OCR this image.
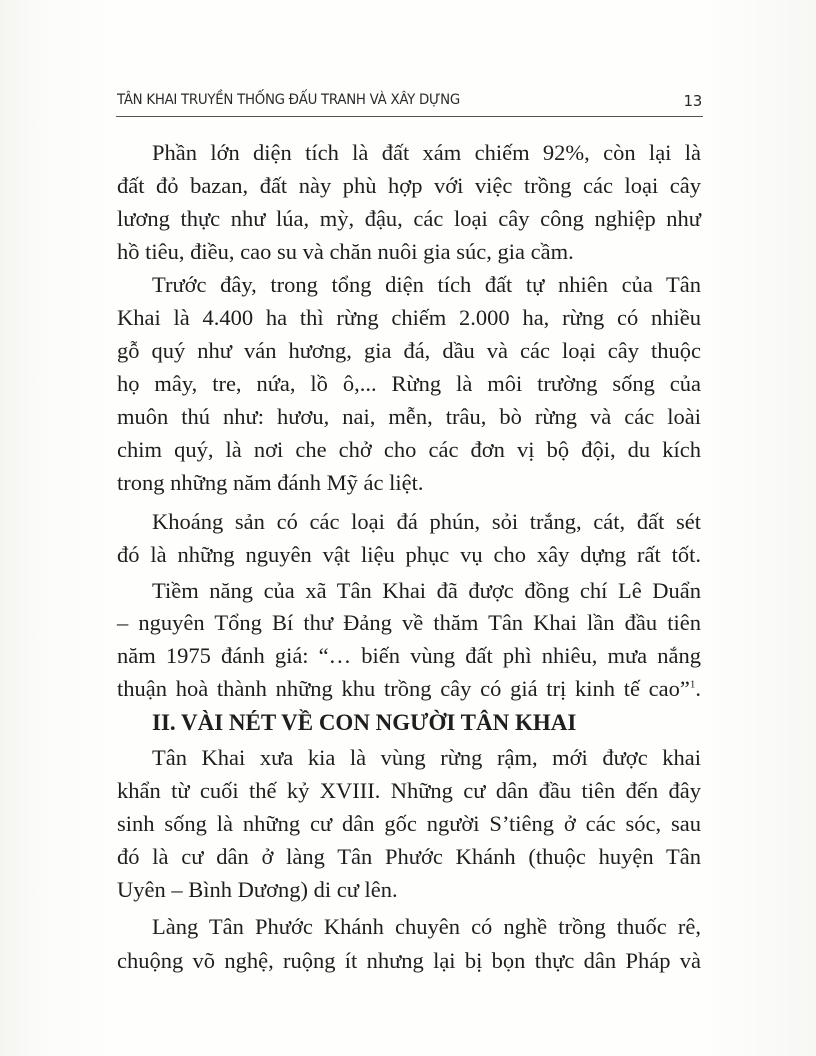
TÂN KHAI TRUYỀN THỐNG ĐẤU TRANH VÀ XÂY DỰNG	13
Phần lớn diện tích là đất xám chiếm 92%, còn lại là
đất đỏ bazan, đất này phù hợp với việc trồng các loại cây
lương thực như lúa, mỳ, đậu, các loại cây công nghiệp như
hồ tiêu, điều, cao su và chăn nuôi gia súc, gia cầm.
Trước đây, trong tổng diện tích đất tự nhiên của Tân
Khai là 4.400 ha thì rừng chiếm 2.000 ha, rừng có nhiều
gỗ quý như ván hương, gia đá, dầu và các loại cây thuộc
họ mây, tre, nứa, lồ ô,... Rừng là môi trường sống của
muôn thú như: hươu, nai, mễn, trâu, bò rừng và các loài
chim quý, là nơi che chở cho các đơn vị bộ đội, du kích
trong những năm đánh Mỹ ác liệt.
Khoáng sản có các loại đá phún, sỏi trắng, cát, đất sét
đó là những nguyên vật liệu phục vụ cho xây dựng rất tốt.
Tiềm năng của xã Tân Khai đã được đồng chí Lê Duẩn
– nguyên Tổng Bí thư Đảng về thăm Tân Khai lần đầu tiên
năm 1975 đánh giá: “… biến vùng đất phì nhiêu, mưa nắng
thuận hoà thành những khu trồng cây có giá trị kinh tế cao”$^1$.
II. VÀI NÉT VỀ CON NGƯỜI TÂN KHAI
Tân Khai xưa kia là vùng rừng rậm, mới được khai
khẩn từ cuối thế kỷ XVIII. Những cư dân đầu tiên đến đây
sinh sống là những cư dân gốc người S’tiêng ở các sóc, sau
đó là cư dân ở làng Tân Phước Khánh (thuộc huyện Tân
Uyên – Bình Dương) di cư lên.
Làng Tân Phước Khánh chuyên có nghề trồng thuốc rê,
chuộng võ nghệ, ruộng ít nhưng lại bị bọn thực dân Pháp và
